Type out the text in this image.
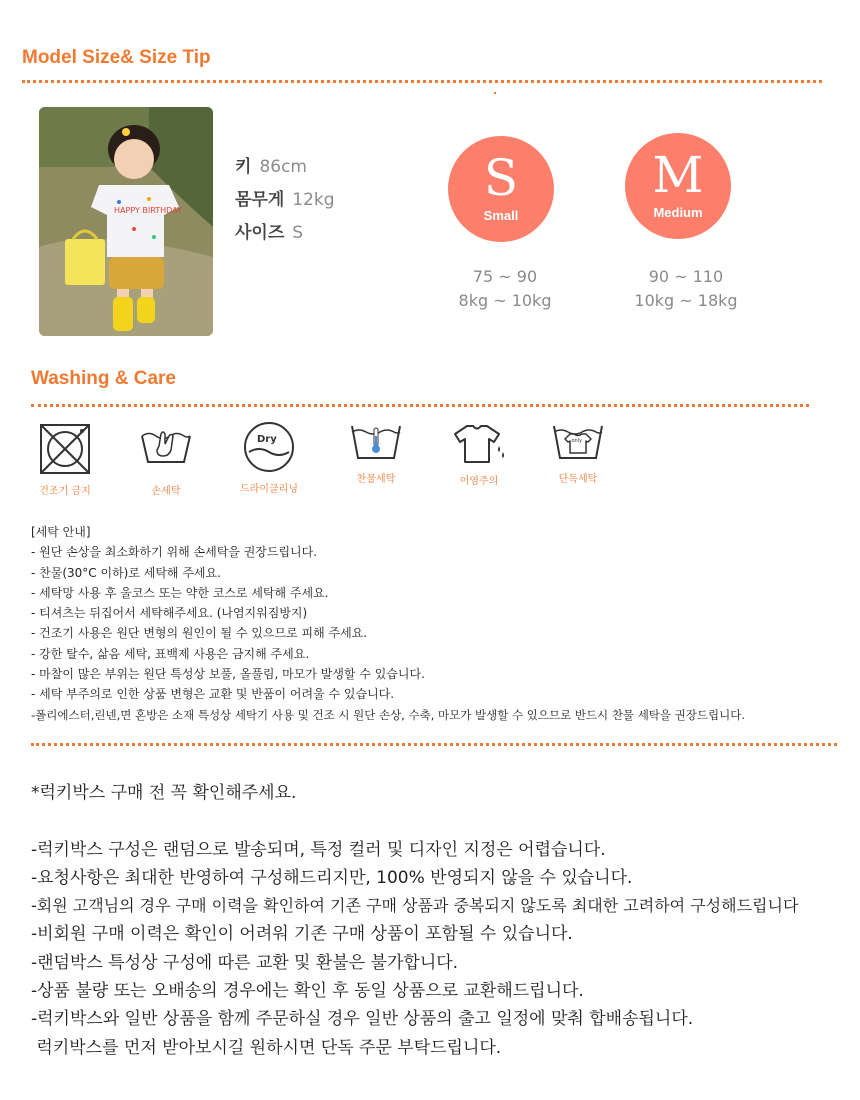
Model Size& Size Tip
HAPPY BIRTHDAY
키 86cm
몸무게 12kg
사이즈 S
S
Small
75 ~ 90
8kg ~ 10kg
M
Medium
90 ~ 110
10kg ~ 18kg
Washing & Care
건조기 금지	손세탁
Dry
드라이클리닝
찬물세탁	이염주의
only
단독세탁
[세탁 안내]
- 원단 손상을 최소화하기 위해 손세탁을 권장드립니다.
- 찬물(30°C 이하)로 세탁해 주세요.
- 세탁망 사용 후 울코스 또는 약한 코스로 세탁해 주세요.
- 티셔츠는 뒤집어서 세탁해주세요. (나염지워짐방지)
- 건조기 사용은 원단 변형의 원인이 될 수 있으므로 피해 주세요.
- 강한 탈수, 삶음 세탁, 표백제 사용은 금지해 주세요.
- 마찰이 많은 부위는 원단 특성상 보풀, 올풀림, 마모가 발생할 수 있습니다.
- 세탁 부주의로 인한 상품 변형은 교환 및 반품이 어려울 수 있습니다.
-폴리에스터,린넨,면 혼방은 소재 특성상 세탁기 사용 및 건조 시 원단 손상, 수축, 마모가 발생할 수 있으므로 반드시 찬물 세탁을 권장드립니다.
*럭키박스 구매 전 꼭 확인해주세요.
-럭키박스 구성은 랜덤으로 발송되며, 특정 컬러 및 디자인 지정은 어렵습니다.
-요청사항은 최대한 반영하여 구성해드리지만, 100% 반영되지 않을 수 있습니다.
-회원 고객님의 경우 구매 이력을 확인하여 기존 구매 상품과 중복되지 않도록 최대한 고려하여 구성해드립니다
-비회원 구매 이력은 확인이 어려워 기존 구매 상품이 포함될 수 있습니다.
-랜덤박스 특성상 구성에 따른 교환 및 환불은 불가합니다.
-상품 불량 또는 오배송의 경우에는 확인 후 동일 상품으로 교환해드립니다.
-럭키박스와 일반 상품을 함께 주문하실 경우 일반 상품의 출고 일정에 맞춰 합배송됩니다.
럭키박스를 먼저 받아보시길 원하시면 단독 주문 부탁드립니다.
